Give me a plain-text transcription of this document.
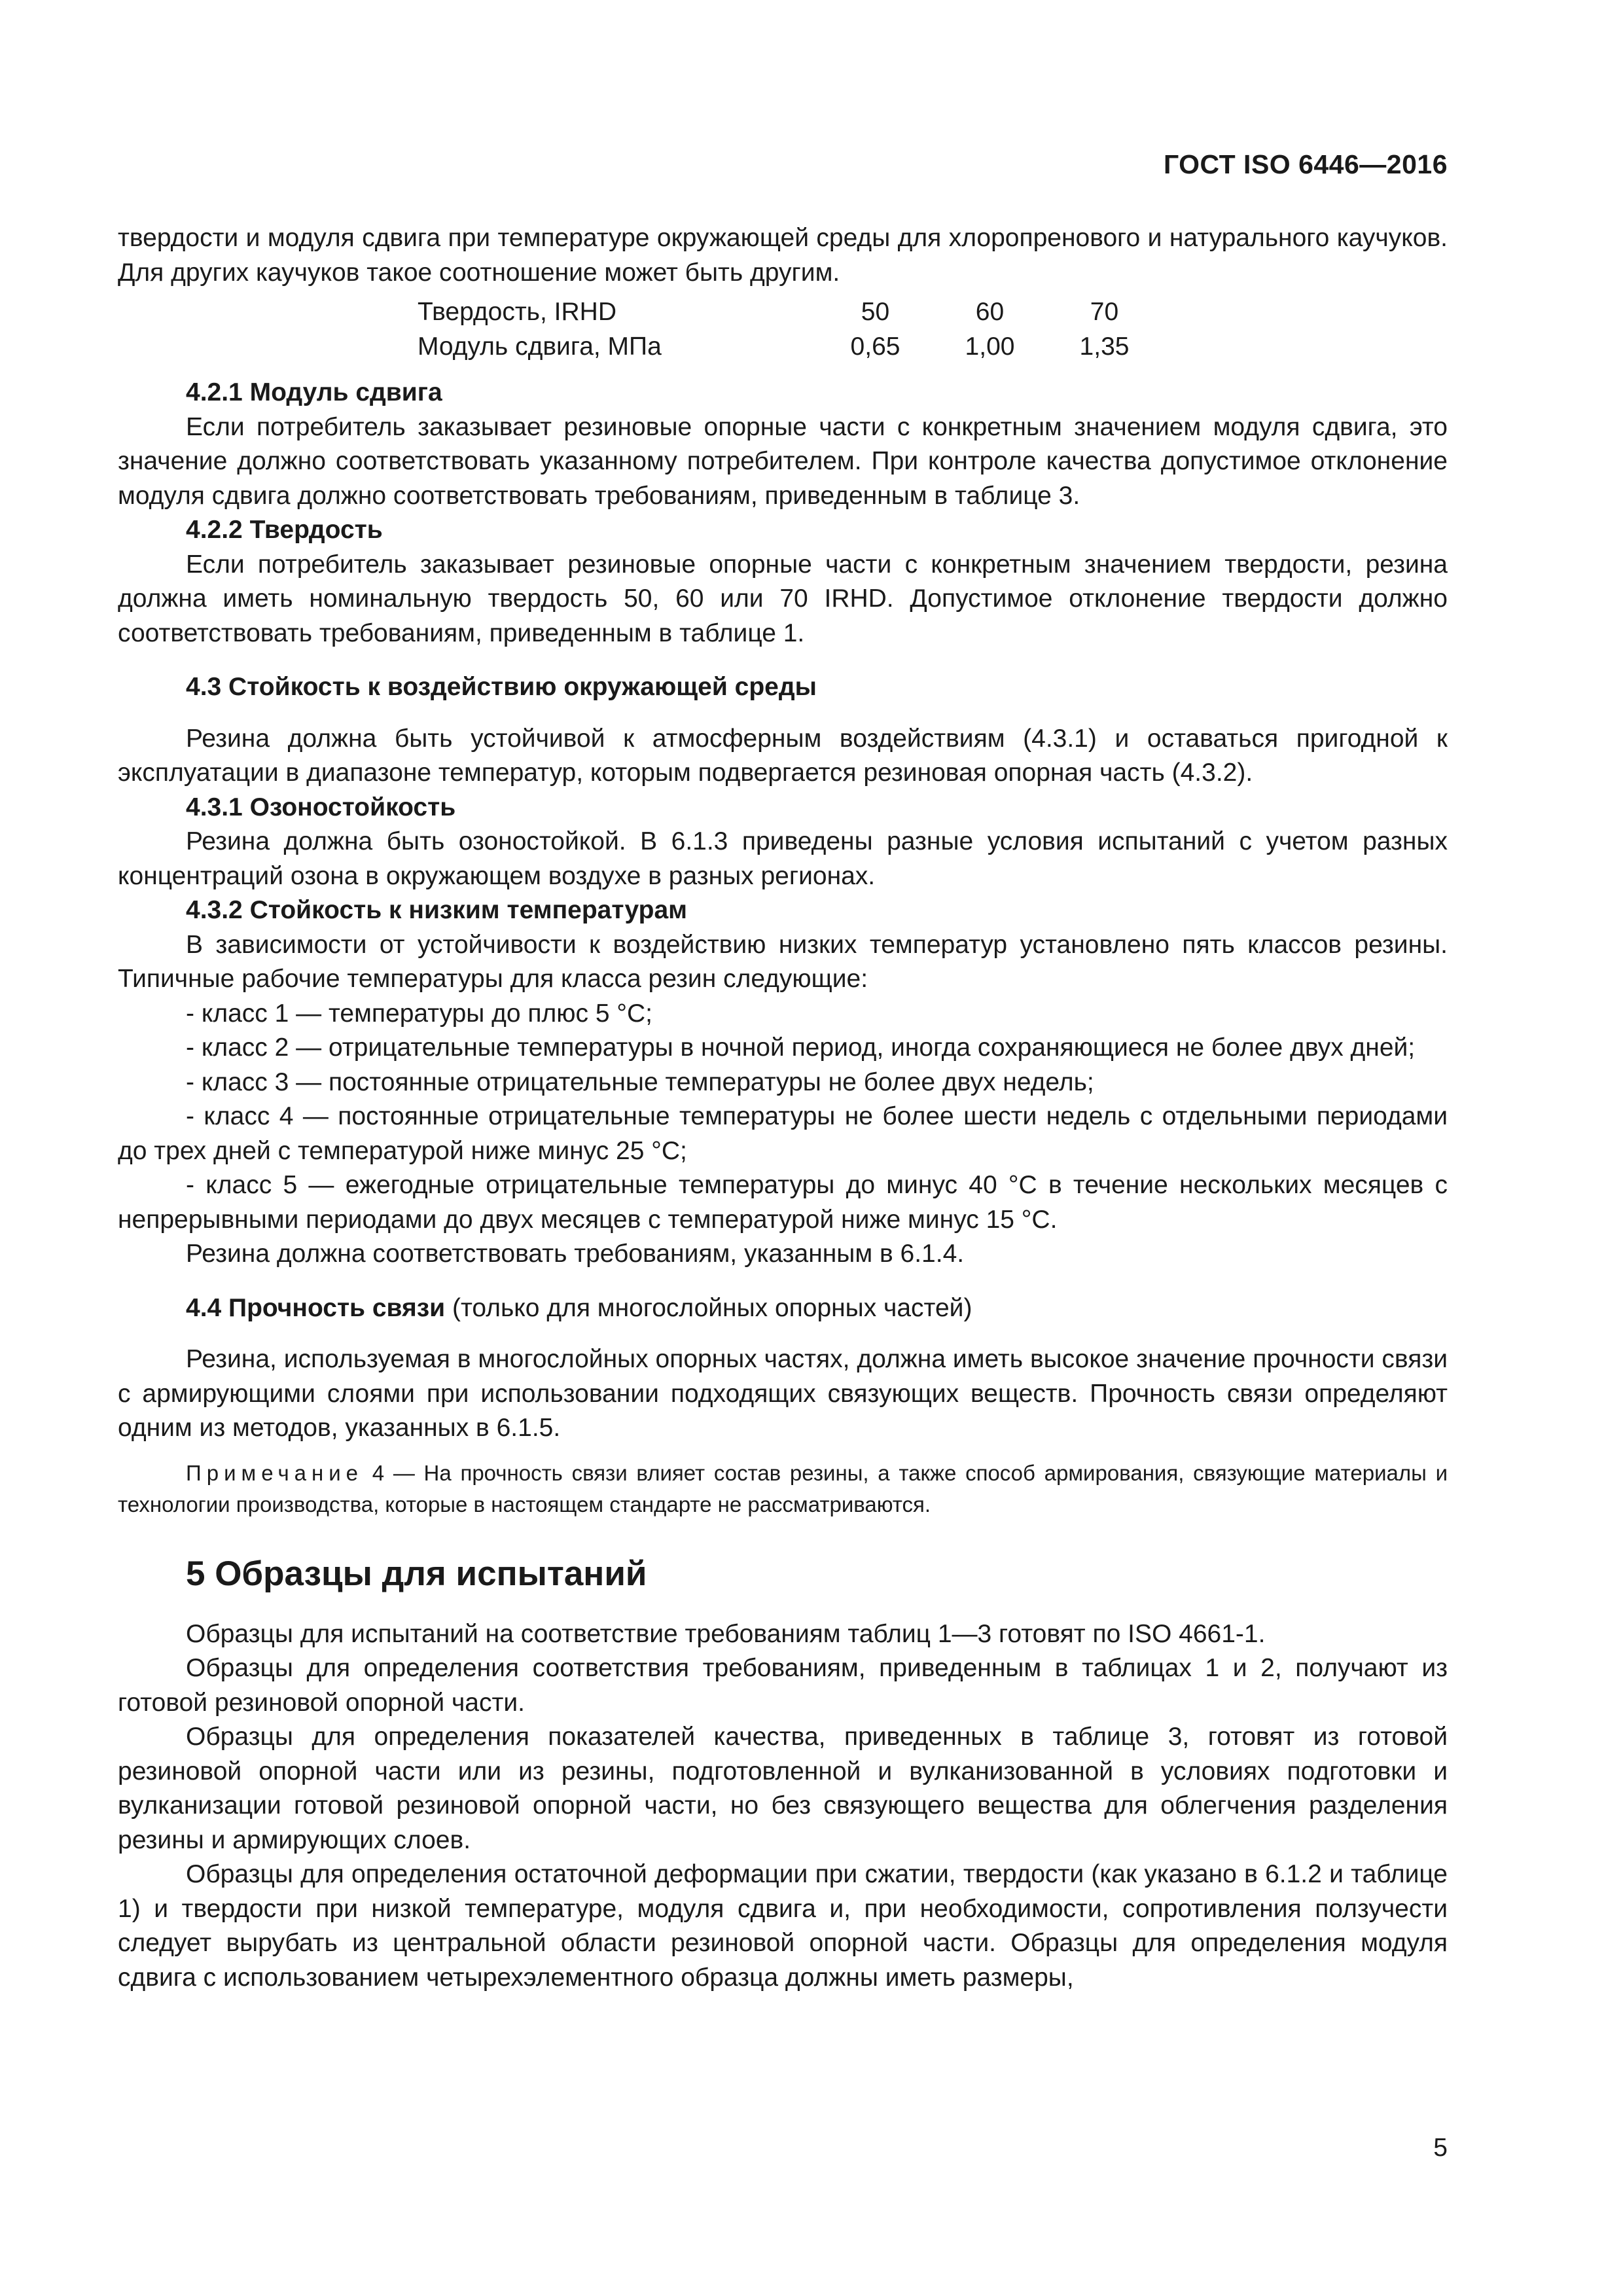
ГОСТ ISO 6446—2016

твердости и модуля сдвига при температуре окружающей среды для хлоропренового и натурального каучуков. Для других каучуков такое соотношение может быть другим.

Твердость, IRHD	50	60	70
Модуль сдвига, МПа	0,65	1,00	1,35

4.2.1 Модуль сдвига

Если потребитель заказывает резиновые опорные части с конкретным значением модуля сдвига, это значение должно соответствовать указанному потребителем. При контроле качества допустимое отклонение модуля сдвига должно соответствовать требованиям, приведенным в таблице 3.

4.2.2 Твердость

Если потребитель заказывает резиновые опорные части с конкретным значением твердости, резина должна иметь номинальную твердость 50, 60 или 70 IRHD. Допустимое отклонение твердости должно соответствовать требованиям, приведенным в таблице 1.

4.3 Стойкость к воздействию окружающей среды

Резина должна быть устойчивой к атмосферным воздействиям (4.3.1) и оставаться пригодной к эксплуатации в диапазоне температур, которым подвергается резиновая опорная часть (4.3.2).

4.3.1 Озоностойкость

Резина должна быть озоностойкой. В 6.1.3 приведены разные условия испытаний с учетом разных концентраций озона в окружающем воздухе в разных регионах.

4.3.2 Стойкость к низким температурам

В зависимости от устойчивости к воздействию низких температур установлено пять классов резины. Типичные рабочие температуры для класса резин следующие:

- класс 1 — температуры до плюс 5 °С;

- класс 2 — отрицательные температуры в ночной период, иногда сохраняющиеся не более двух дней;

- класс 3 — постоянные отрицательные температуры не более двух недель;

- класс 4 — постоянные отрицательные температуры не более шести недель с отдельными периодами до трех дней с температурой ниже минус 25 °С;

- класс 5 — ежегодные отрицательные температуры до минус 40 °С в течение нескольких месяцев с непрерывными периодами до двух месяцев с температурой ниже минус 15 °С.

Резина должна соответствовать требованиям, указанным в 6.1.4.

4.4 Прочность связи (только для многослойных опорных частей)

Резина, используемая в многослойных опорных частях, должна иметь высокое значение прочности связи с армирующими слоями при использовании подходящих связующих веществ. Прочность связи определяют одним из методов, указанных в 6.1.5.

Примечание 4 — На прочность связи влияет состав резины, а также способ армирования, связующие материалы и технологии производства, которые в настоящем стандарте не рассматриваются.

5 Образцы для испытаний

Образцы для испытаний на соответствие требованиям таблиц 1—3 готовят по ISO 4661-1.

Образцы для определения соответствия требованиям, приведенным в таблицах 1 и 2, получают из готовой резиновой опорной части.

Образцы для определения показателей качества, приведенных в таблице 3, готовят из готовой резиновой опорной части или из резины, подготовленной и вулканизованной в условиях подготовки и вулканизации готовой резиновой опорной части, но без связующего вещества для облегчения разделения резины и армирующих слоев.

Образцы для определения остаточной деформации при сжатии, твердости (как указано в 6.1.2 и таблице 1) и твердости при низкой температуре, модуля сдвига и, при необходимости, сопротивления ползучести следует вырубать из центральной области резиновой опорной части. Образцы для определения модуля сдвига с использованием четырехэлементного образца должны иметь размеры,

5
